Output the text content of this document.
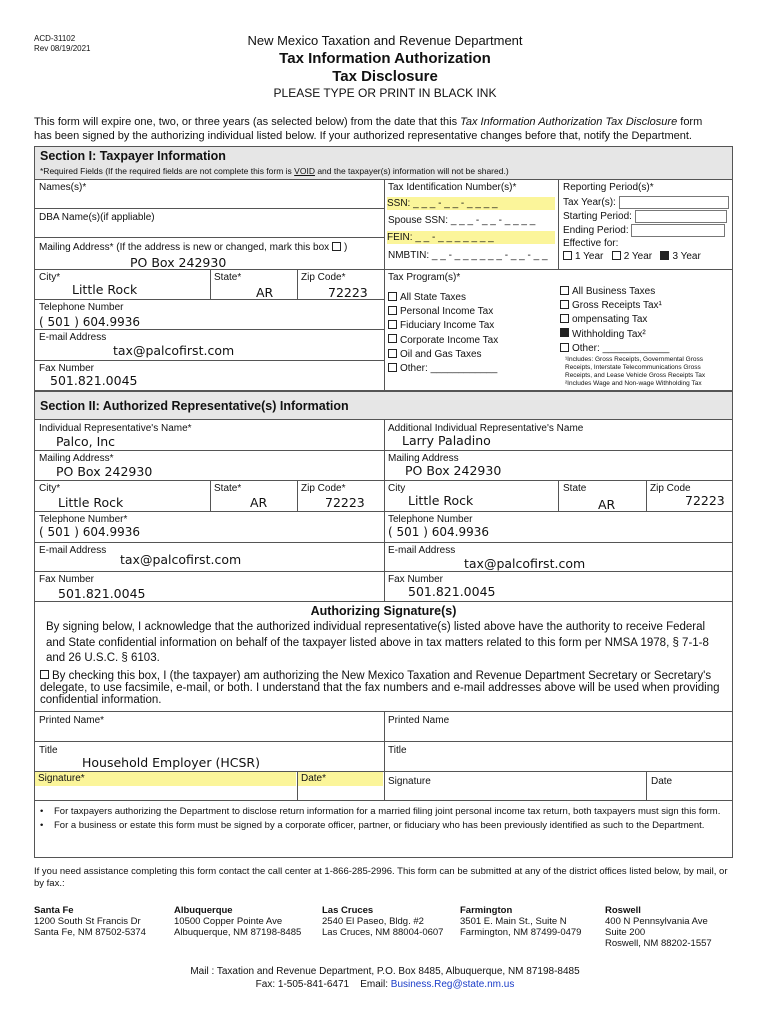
ACD-31102
Rev 08/19/2021
New Mexico Taxation and Revenue Department
Tax Information Authorization
Tax Disclosure
PLEASE TYPE OR PRINT IN BLACK INK
This form will expire one, two, or three years (as selected below) from the date that this Tax Information Authorization Tax Disclosure form
has been signed by the authorizing individual listed below. If your authorized representative changes before that, notify the Department.
Section I: Taxpayer Information
*Required Fields (If the required fields are not complete this form is VOID and the taxpayer(s) information will not be shared.)
Names(s)*
DBA Name(s)(if appliable)
Mailing Address* (If the address is new or changed, mark this box )
PO Box 242930
City*
Little Rock
State*
AR
Zip Code*
72223
Telephone Number
( 501 ) 604.9936
E-mail Address
tax@palcofirst.com
Fax Number
501.821.0045
Tax Identification Number(s)*
SSN: _ _ _ - _ _ - _ _ _ _
Spouse SSN: _ _ _ - _ _ - _ _ _ _
FEIN: _ _ - _ _ _ _ _ _ _
NMBTIN: _ _ - _ _ _ _ _ _ - _ _ - _ _
Reporting Period(s)*
Tax Year(s):
Starting Period:
Ending Period:
Effective for:
1 Year 2 Year 3 Year
Tax Program(s)*
All State Taxes
Personal Income Tax
Fiduciary Income Tax
Corporate Income Tax
Oil and Gas Taxes
Other: ____________
All Business Taxes
Gross Receipts Tax¹
ompensating Tax
Withholding Tax²
Other: ____________
¹Includes: Gross Receipts, Governmental Gross
Receipts, Interstate Telecommunications Gross
Receipts, and Lease Vehicle Gross Receipts Tax
²Includes Wage and Non-wage Withholding Tax
Section II: Authorized Representative(s) Information
Individual Representative's Name*
Palco, Inc
Additional Individual Representative's Name
Larry Paladino
Mailing Address*
PO Box 242930
Mailing Address
PO Box 242930
City*
Little Rock
State*
AR
Zip Code*
72223
City
Little Rock
State
AR
Zip Code
72223
Telephone Number*
( 501 ) 604.9936
Telephone Number
( 501 ) 604.9936
E-mail Address
tax@palcofirst.com
E-mail Address
tax@palcofirst.com
Fax Number
501.821.0045
Fax Number
501.821.0045
Authorizing Signature(s)
By signing below, I acknowledge that the authorized individual representative(s) listed above have the authority to receive Federal and State confidential information on behalf of the taxpayer listed above in tax matters related to this form per NMSA 1978, § 7-1-8 and 26 U.S.C. § 6103.
By checking this box, I (the taxpayer) am authorizing the New Mexico Taxation and Revenue Department Secretary or Secretary's delegate, to use facsimile, e-mail, or both. I understand that the fax numbers and e-mail addresses above will be used when providing confidential information.
Printed Name*	Printed Name
Title
Household Employer (HCSR)
Title
Signature*	Date*	Signature	Date
•	For taxpayers authorizing the Department to disclose return information for a married filing joint personal income tax return, both taxpayers must sign this form.
•	For a business or estate this form must be signed by a corporate officer, partner, or fiduciary who has been previously identified as such to the Department.
If you need assistance completing this form contact the call center at 1-866-285-2996. This form can be submitted at any of the district offices listed below, by mail, or by fax.:
Santa Fe
1200 South St Francis Dr
Santa Fe, NM 87502-5374
Albuquerque
10500 Copper Pointe Ave
Albuquerque, NM 87198-8485
Las Cruces
2540 El Paseo, Bldg. #2
Las Cruces, NM 88004-0607
Farmington
3501 E. Main St., Suite N
Farmington, NM 87499-0479
Roswell
400 N Pennsylvania Ave
Suite 200
Roswell, NM 88202-1557
Mail : Taxation and Revenue Department, P.O. Box 8485, Albuquerque, NM 87198-8485
Fax: 1-505-841-6471 Email: Business.Reg@state.nm.us
